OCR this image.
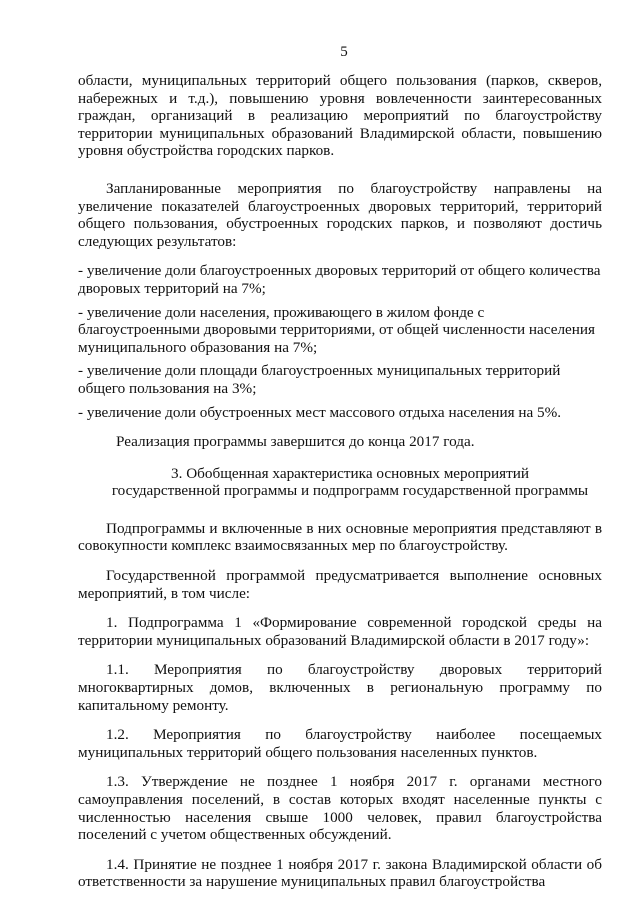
5

области, муниципальных территорий общего пользования (парков, скверов, набережных и т.д.), повышению уровня вовлеченности заинтересованных граждан, организаций в реализацию мероприятий по благоустройству территории муниципальных образований Владимирской области, повышению уровня обустройства городских парков.

Запланированные мероприятия по благоустройству направлены на увеличение показателей благоустроенных дворовых территорий, территорий общего пользования, обустроенных городских парков, и позволяют достичь следующих результатов:

- увеличение доли благоустроенных дворовых территорий от общего количества дворовых территорий на 7%;

- увеличение доли населения, проживающего в жилом фонде с благоустроенными дворовыми территориями, от общей численности населения муниципального образования на 7%;

- увеличение доли площади благоустроенных муниципальных территорий общего пользования на 3%;

- увеличение доли обустроенных мест массового отдыха населения на 5%.

Реализация программы завершится до конца 2017 года.

3. Обобщенная характеристика основных мероприятий
государственной программы и подпрограмм государственной программы

Подпрограммы и включенные в них основные мероприятия представляют в совокупности комплекс взаимосвязанных мер по благоустройству.

Государственной программой предусматривается выполнение основных мероприятий, в том числе:

1. Подпрограмма 1 «Формирование современной городской среды на территории муниципальных образований Владимирской области в 2017 году»:

1.1. Мероприятия по благоустройству дворовых территорий многоквартирных домов, включенных в региональную программу по капитальному ремонту.

1.2. Мероприятия по благоустройству наиболее посещаемых муниципальных территорий общего пользования населенных пунктов.

1.3. Утверждение не позднее 1 ноября 2017 г. органами местного самоуправления поселений, в состав которых входят населенные пункты с численностью населения свыше 1000 человек, правил благоустройства поселений с учетом общественных обсуждений.

1.4. Принятие не позднее 1 ноября 2017 г. закона Владимирской области об ответственности за нарушение муниципальных правил благоустройства
